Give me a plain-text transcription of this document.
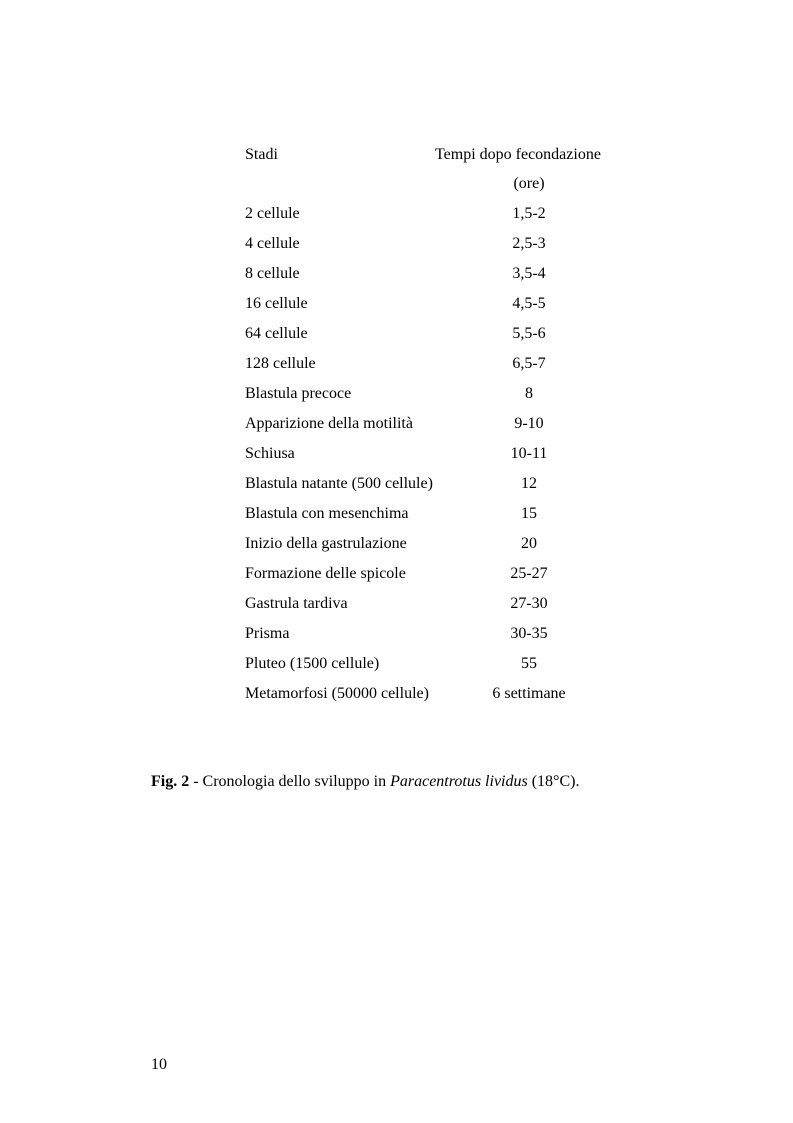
Stadi	Tempi dopo fecondazione
(ore)
2 cellule	1,5-2
4 cellule	2,5-3
8 cellule	3,5-4
16 cellule	4,5-5
64 cellule	5,5-6
128 cellule	6,5-7
Blastula precoce	8
Apparizione della motilità	9-10
Schiusa	10-11
Blastula natante (500 cellule)	12
Blastula con mesenchima	15
Inizio della gastrulazione	20
Formazione delle spicole	25-27
Gastrula tardiva	27-30
Prisma	30-35
Pluteo (1500 cellule)	55
Metamorfosi (50000 cellule)	6 settimane
Fig. 2 - Cronologia dello sviluppo in Paracentrotus lividus (18°C).
10
